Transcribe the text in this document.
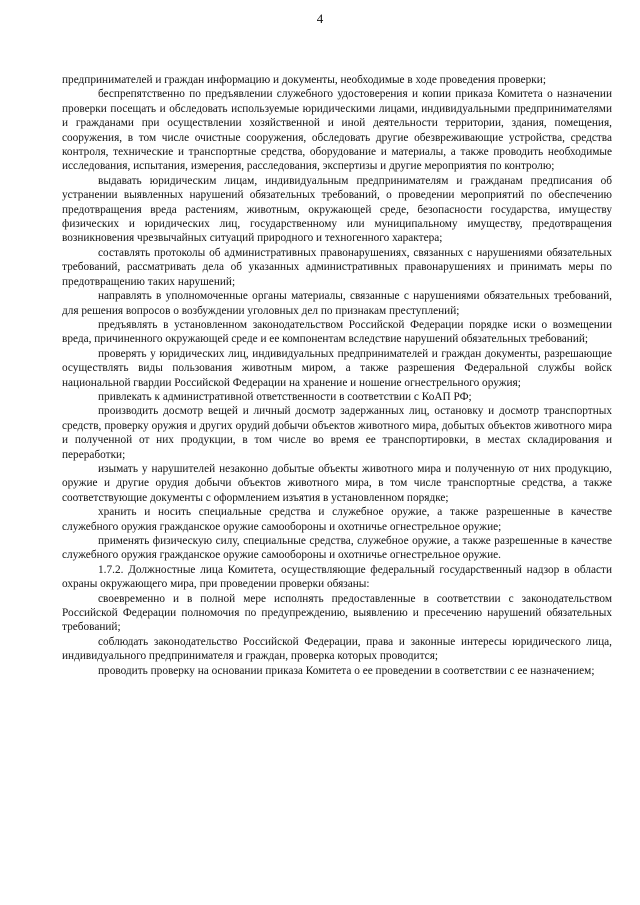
4

предпринимателей и граждан информацию и документы, необходимые в ходе проведения проверки;

беспрепятственно по предъявлении служебного удостоверения и копии приказа Комитета о назначении проверки посещать и обследовать используемые юридическими лицами, индивидуальными предпринимателями и гражданами при осуществлении хозяйственной и иной деятельности территории, здания, помещения, сооружения, в том числе очистные сооружения, обследовать другие обезвреживающие устройства, средства контроля, технические и транспортные средства, оборудование и материалы, а также проводить необходимые исследования, испытания, измерения, расследования, экспертизы и другие мероприятия по контролю;

выдавать юридическим лицам, индивидуальным предпринимателям и гражданам предписания об устранении выявленных нарушений обязательных требований, о проведении мероприятий по обеспечению предотвращения вреда растениям, животным, окружающей среде, безопасности государства, имуществу физических и юридических лиц, государственному или муниципальному имуществу, предотвращения возникновения чрезвычайных ситуаций природного и техногенного характера;

составлять протоколы об административных правонарушениях, связанных с нарушениями обязательных требований, рассматривать дела об указанных административных правонарушениях и принимать меры по предотвращению таких нарушений;

направлять в уполномоченные органы материалы, связанные с нарушениями обязательных требований, для решения вопросов о возбуждении уголовных дел по признакам преступлений;

предъявлять в установленном законодательством Российской Федерации порядке иски о возмещении вреда, причиненного окружающей среде и ее компонентам вследствие нарушений обязательных требований;

проверять у юридических лиц, индивидуальных предпринимателей и граждан документы, разрешающие осуществлять виды пользования животным миром, а также разрешения Федеральной службы войск национальной гвардии Российской Федерации на хранение и ношение огнестрельного оружия;

привлекать к административной ответственности в соответствии с КоАП РФ;

производить досмотр вещей и личный досмотр задержанных лиц, остановку и досмотр транспортных средств, проверку оружия и других орудий добычи объектов животного мира, добытых объектов животного мира и полученной от них продукции, в том числе во время ее транспортировки, в местах складирования и переработки;

изымать у нарушителей незаконно добытые объекты животного мира и полученную от них продукцию, оружие и другие орудия добычи объектов животного мира, в том числе транспортные средства, а также соответствующие документы с оформлением изъятия в установленном порядке;

хранить и носить специальные средства и служебное оружие, а также разрешенные в качестве служебного оружия гражданское оружие самообороны и охотничье огнестрельное оружие;

применять физическую силу, специальные средства, служебное оружие, а также разрешенные в качестве служебного оружия гражданское оружие самообороны и охотничье огнестрельное оружие.

1.7.2. Должностные лица Комитета, осуществляющие федеральный государственный надзор в области охраны окружающего мира, при проведении проверки обязаны:

своевременно и в полной мере исполнять предоставленные в соответствии с законодательством Российской Федерации полномочия по предупреждению, выявлению и пресечению нарушений обязательных требований;

соблюдать законодательство Российской Федерации, права и законные интересы юридического лица, индивидуального предпринимателя и граждан, проверка которых проводится;

проводить проверку на основании приказа Комитета о ее проведении в соответствии с ее назначением;
